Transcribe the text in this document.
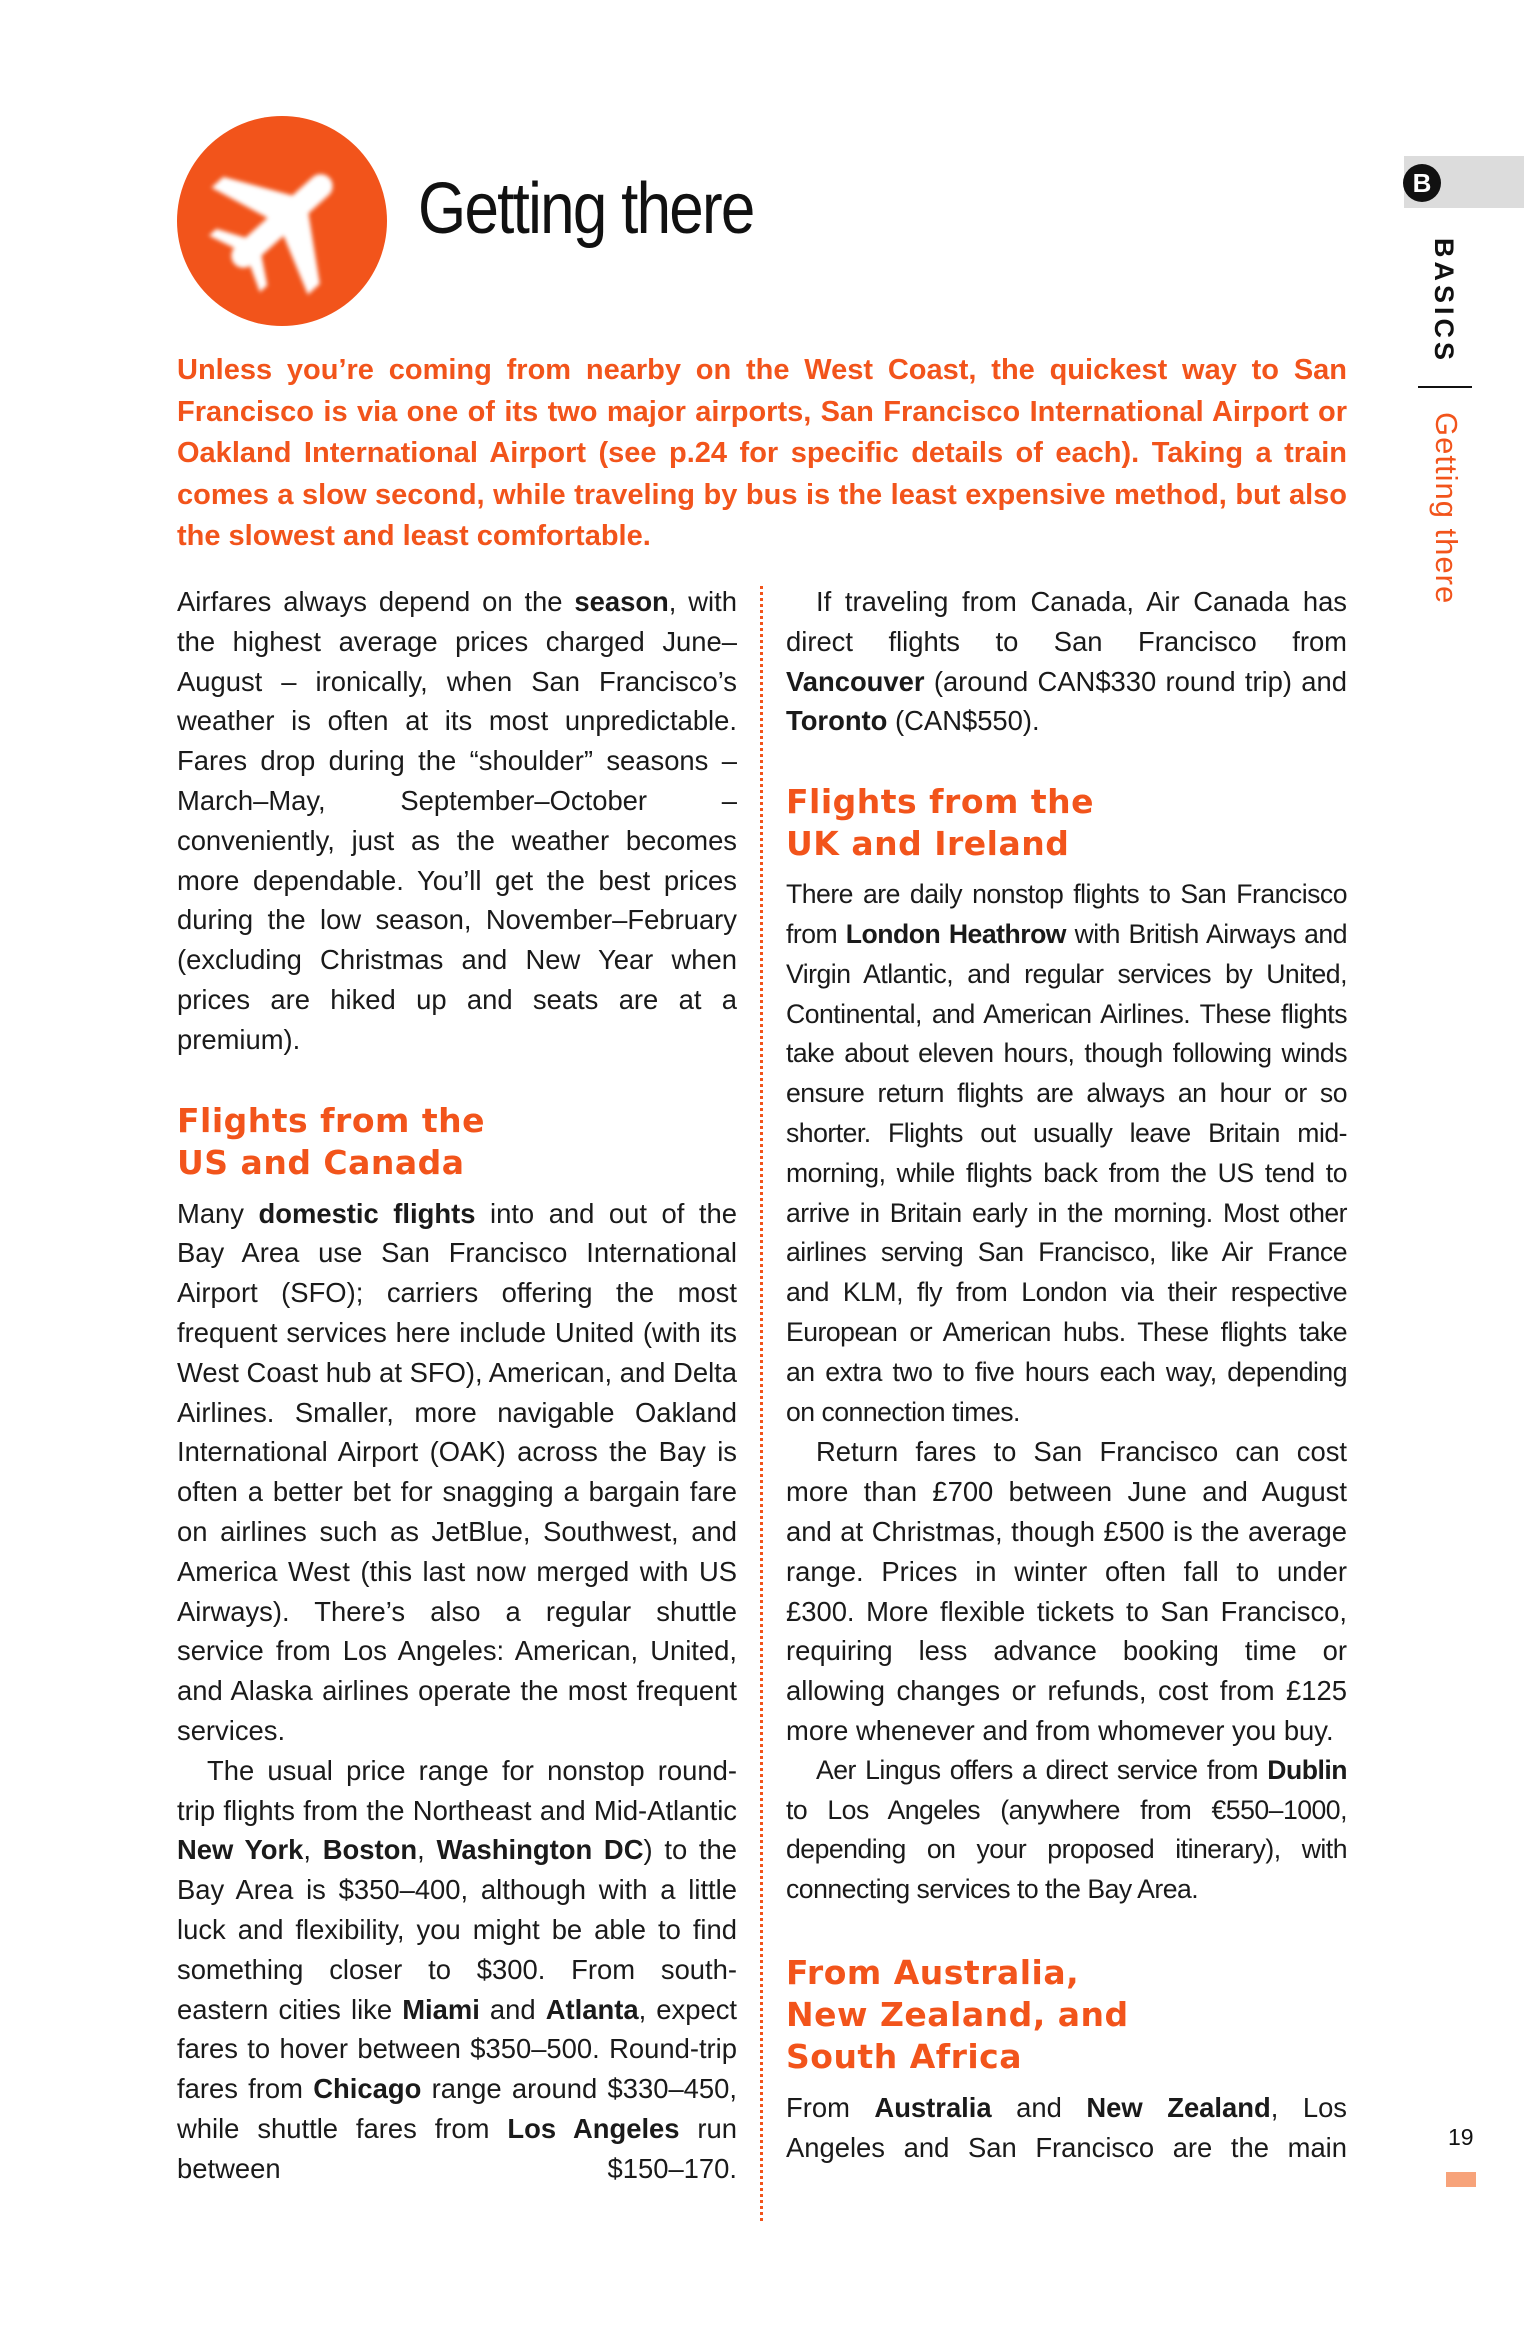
Getting there

Unless you’re coming from nearby on the West Coast, the quickest way to San Francisco is via one of its two major airports, San Francisco International Airport or Oakland International Airport (see p.24 for specific details of each). Taking a train comes a slow second, while traveling by bus is the least expensive method, but also the slowest and least comfortable.

Airfares always depend on the season, with the highest average prices charged June–August – ironically, when San Francisco’s weather is often at its most unpredictable. Fares drop during the “shoulder” seasons – March–May, September–October – conveniently, just as the weather becomes more dependable. You’ll get the best prices during the low season, November–February (excluding Christmas and New Year when prices are hiked up and seats are at a premium).

Flights from the
US and Canada

Many domestic flights into and out of the Bay Area use San Francisco International Airport (SFO); carriers offering the most frequent services here include United (with its West Coast hub at SFO), American, and Delta Airlines. Smaller, more navigable Oakland International Airport (OAK) across the Bay is often a better bet for snagging a bargain fare on airlines such as JetBlue, Southwest, and America West (this last now merged with US Airways). There’s also a regular shuttle service from Los Angeles: American, United, and Alaska airlines operate the most frequent services.

The usual price range for nonstop round-trip flights from the Northeast and Mid-Atlantic New York, Boston, Washington DC) to the Bay Area is $350–400, although with a little luck and flexibility, you might be able to find something closer to $300. From south-eastern cities like Miami and Atlanta, expect fares to hover between $350–500. Round-trip fares from Chicago range around $330–450, while shuttle fares from Los Angeles run between $150–170.

If traveling from Canada, Air Canada has direct flights to San Francisco from Vancouver (around CAN$330 round trip) and Toronto (CAN$550).

Flights from the
UK and Ireland

There are daily nonstop flights to San Francisco from London Heathrow with British Airways and Virgin Atlantic, and regular services by United, Continental, and American Airlines. These flights take about eleven hours, though following winds ensure return flights are always an hour or so shorter. Flights out usually leave Britain mid-morning, while flights back from the US tend to arrive in Britain early in the morning. Most other airlines serving San Francisco, like Air France and KLM, fly from London via their respective European or American hubs. These flights take an extra two to five hours each way, depending on connection times.

Return fares to San Francisco can cost more than £700 between June and August and at Christmas, though £500 is the average range. Prices in winter often fall to under £300. More flexible tickets to San Francisco, requiring less advance booking time or allowing changes or refunds, cost from £125 more whenever and from whomever you buy.

Aer Lingus offers a direct service from Dublin to Los Angeles (anywhere from €550–1000, depending on your proposed itinerary), with connecting services to the Bay Area.

From Australia,
New Zealand, and
South Africa

From Australia and New Zealand, Los Angeles and San Francisco are the main

B
BASICS
Getting there
19
